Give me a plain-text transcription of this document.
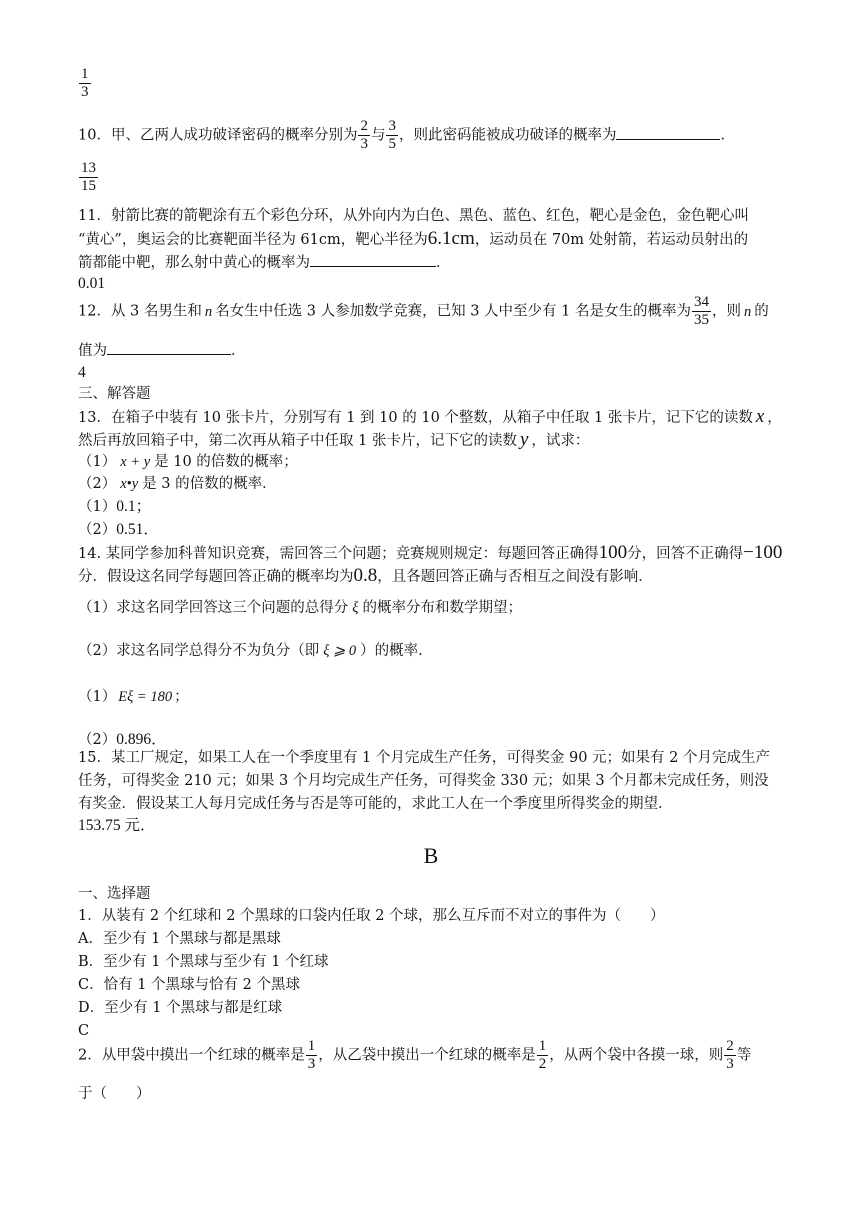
$\frac{1}{3}$
10．甲、乙两人成功破译密码的概率分别为 $\frac{2}{3}$ 与 $\frac{3}{5}$ ，则此密码能被成功破译的概率为	．
$\frac{13}{15}$
11．射箭比赛的箭靶涂有五个彩色分环，从外向内为白色、黑色、蓝色、红色，靶心是金色，金色靶心叫
“黄心”，奥运会的比赛靶面半径为 61cm，靶心半径为6.1cm，运动员在 70m 处射箭，若运动员射出的
箭都能中靶，那么射中黄心的概率为	．
0.01
12．从 3 名男生和 n 名女生中任选 3 人参加数学竞赛，已知 3 人中至少有 1 名是女生的概率为 $\frac{34}{35}$ ，则 n 的
值为	．
4
三、解答题
13．在箱子中装有 10 张卡片，分别写有 1 到 10 的 10 个整数，从箱子中任取 1 张卡片，记下它的读数 x ，
然后再放回箱子中，第二次再从箱子中任取 1 张卡片，记下它的读数 y ，试求：
（1） x + y 是 10 的倍数的概率；
（2） x•y 是 3 的倍数的概率．
（1）0.1；
（2）0.51．
14. 某同学参加科普知识竞赛，需回答三个问题；竞赛规则规定：每题回答正确得100分，回答不正确得−100
分．假设这名同学每题回答正确的概率均为0.8，且各题回答正确与否相互之间没有影响．
（1）求这名同学回答这三个问题的总得分 ξ 的概率分布和数学期望；
（2）求这名同学总得分不为负分（即 ξ ⩾ 0 ）的概率．
（1） Eξ = 180 ；
（2）0.896．
15．某工厂规定，如果工人在一个季度里有 1 个月完成生产任务，可得奖金 90 元；如果有 2 个月完成生产
任务，可得奖金 210 元；如果 3 个月均完成生产任务，可得奖金 330 元；如果 3 个月都未完成任务，则没
有奖金．假设某工人每月完成任务与否是等可能的，求此工人在一个季度里所得奖金的期望．
153.75 元．
B
一、选择题
1．从装有 2 个红球和 2 个黑球的口袋内任取 2 个球，那么互斥而不对立的事件为（　　）
A．至少有 1 个黑球与都是黑球
B．至少有 1 个黑球与至少有 1 个红球
C．恰有 1 个黑球与恰有 2 个黑球
D．至少有 1 个黑球与都是红球
C
2．从甲袋中摸出一个红球的概率是 $\frac{1}{3}$ ，从乙袋中摸出一个红球的概率是 $\frac{1}{2}$ ，从两个袋中各摸一球，则 $\frac{2}{3}$ 等
于（　　）
